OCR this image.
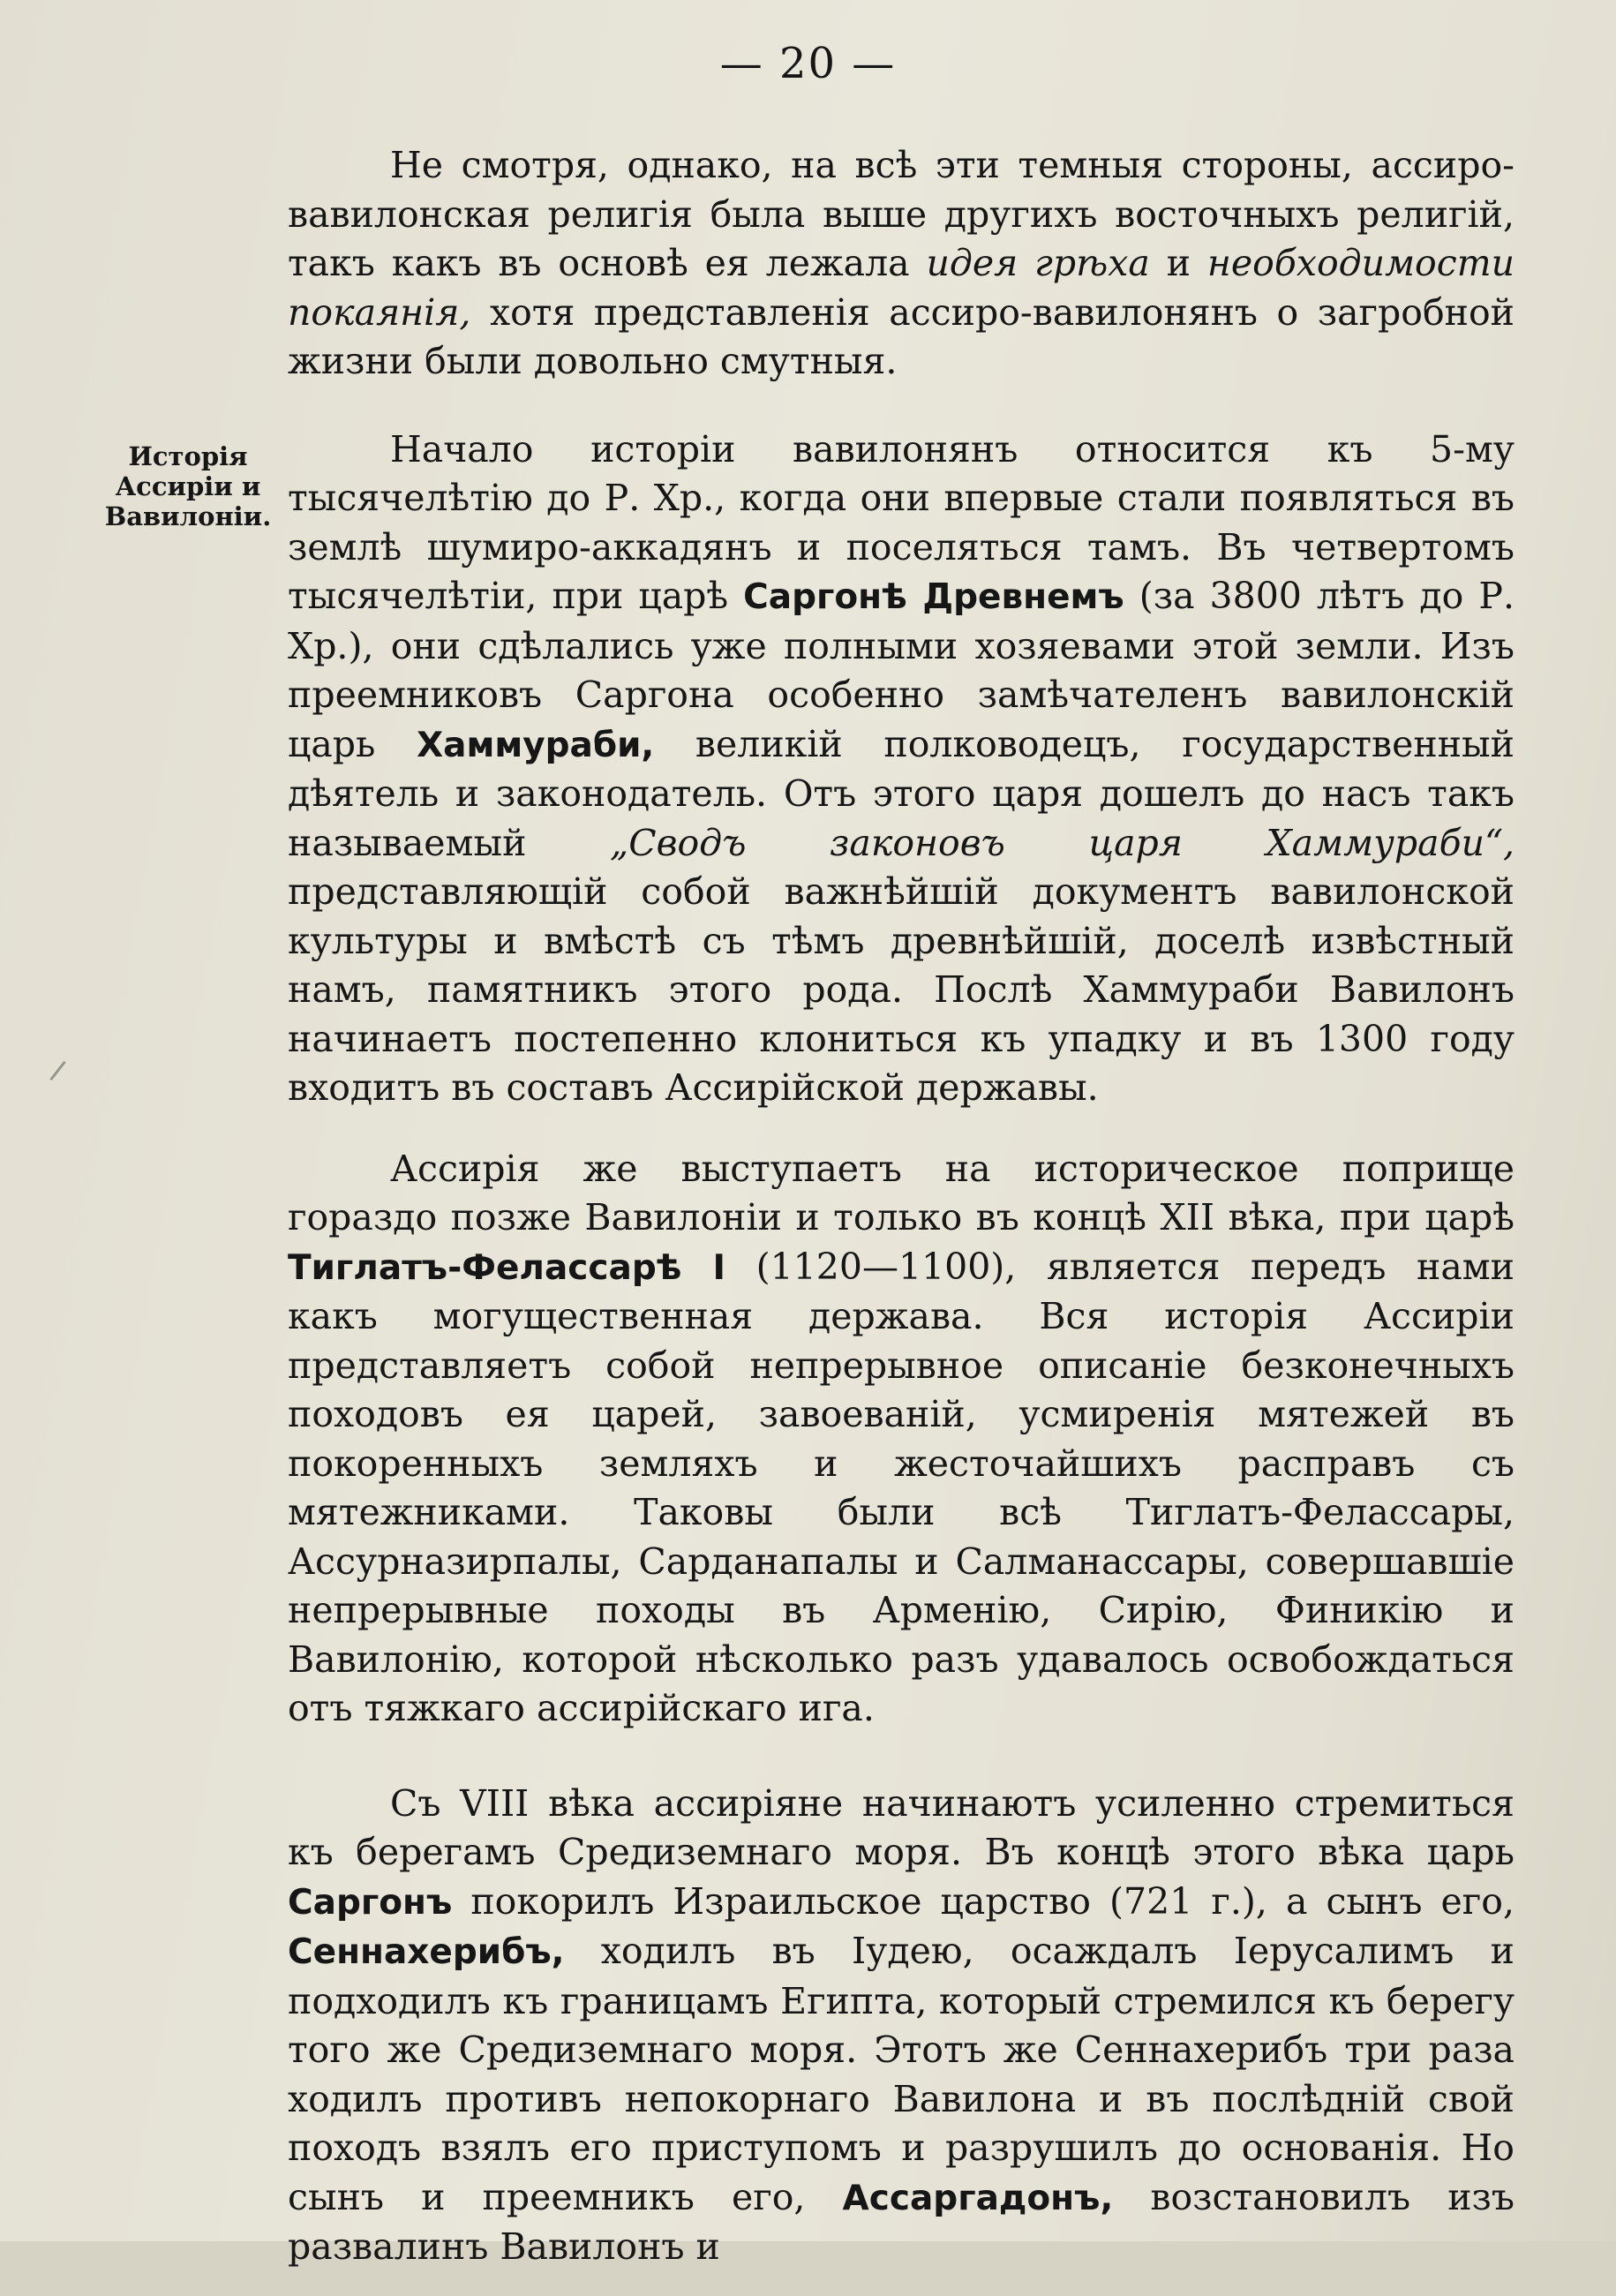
— 20 —
Исторія
Ассиріи и
Вавилоніи.

Не смотря, однако, на всѣ эти темныя стороны, ассиро-вавилонская религія была выше другихъ восточныхъ религій, такъ какъ въ основѣ ея лежала идея грѣха и необходимости покаянія, хотя представленія ассиро-вавилонянъ о загробной жизни были довольно смутныя.

Начало исторіи вавилонянъ относится къ 5-му тысячелѣтію до Р. Хр., когда они впервые стали появляться въ землѣ шумиро-аккадянъ и поселяться тамъ. Въ четвертомъ тысячелѣтіи, при царѣ Саргонѣ Древнемъ (за 3800 лѣтъ до Р. Хр.), они сдѣлались уже полными хозяевами этой земли. Изъ преемниковъ Саргона особенно замѣчателенъ вавилонскій царь Хаммураби, великій полководецъ, государственный дѣятель и законодатель. Отъ этого царя дошелъ до насъ такъ называемый „Сводъ законовъ царя Хаммураби“, представляющій собой важнѣйшій документъ вавилонской культуры и вмѣстѣ съ тѣмъ древнѣйшій, доселѣ извѣстный намъ, памятникъ этого рода. Послѣ Хаммураби Вавилонъ начинаетъ постепенно клониться къ упадку и въ 1300 году входитъ въ составъ Ассирійской державы.

Ассирія же выступаетъ на историческое поприще гораздо позже Вавилоніи и только въ концѣ XII вѣка, при царѣ Тиглатъ-Фелассарѣ I (1120—1100), является передъ нами какъ могущественная держава. Вся исторія Ассиріи представляетъ собой непрерывное описаніе безконечныхъ походовъ ея царей, завоеваній, усмиренія мятежей въ покоренныхъ земляхъ и жесточайшихъ расправъ съ мятежниками. Таковы были всѣ Тиглатъ-Фелассары, Ассурназирпалы, Сарданапалы и Салманассары, совершавшіе непрерывные походы въ Арменію, Сирію, Финикію и Вавилонію, которой нѣсколько разъ удавалось освобождаться отъ тяжкаго ассирійскаго ига.

Съ VIII вѣка ассиріяне начинаютъ усиленно стремиться къ берегамъ Средиземнаго моря. Въ концѣ этого вѣка царь Саргонъ покорилъ Израильское царство (721 г.), а сынъ его, Сеннахерибъ, ходилъ въ Іудею, осаждалъ Іерусалимъ и подходилъ къ границамъ Египта, который стремился къ берегу того же Средиземнаго моря. Этотъ же Сеннахерибъ три раза ходилъ противъ непокорнаго Вавилона и въ послѣдній свой походъ взялъ его приступомъ и разрушилъ до основанія. Но сынъ и преемникъ его, Ассаргадонъ, возстановилъ изъ развалинъ Вавилонъ и
